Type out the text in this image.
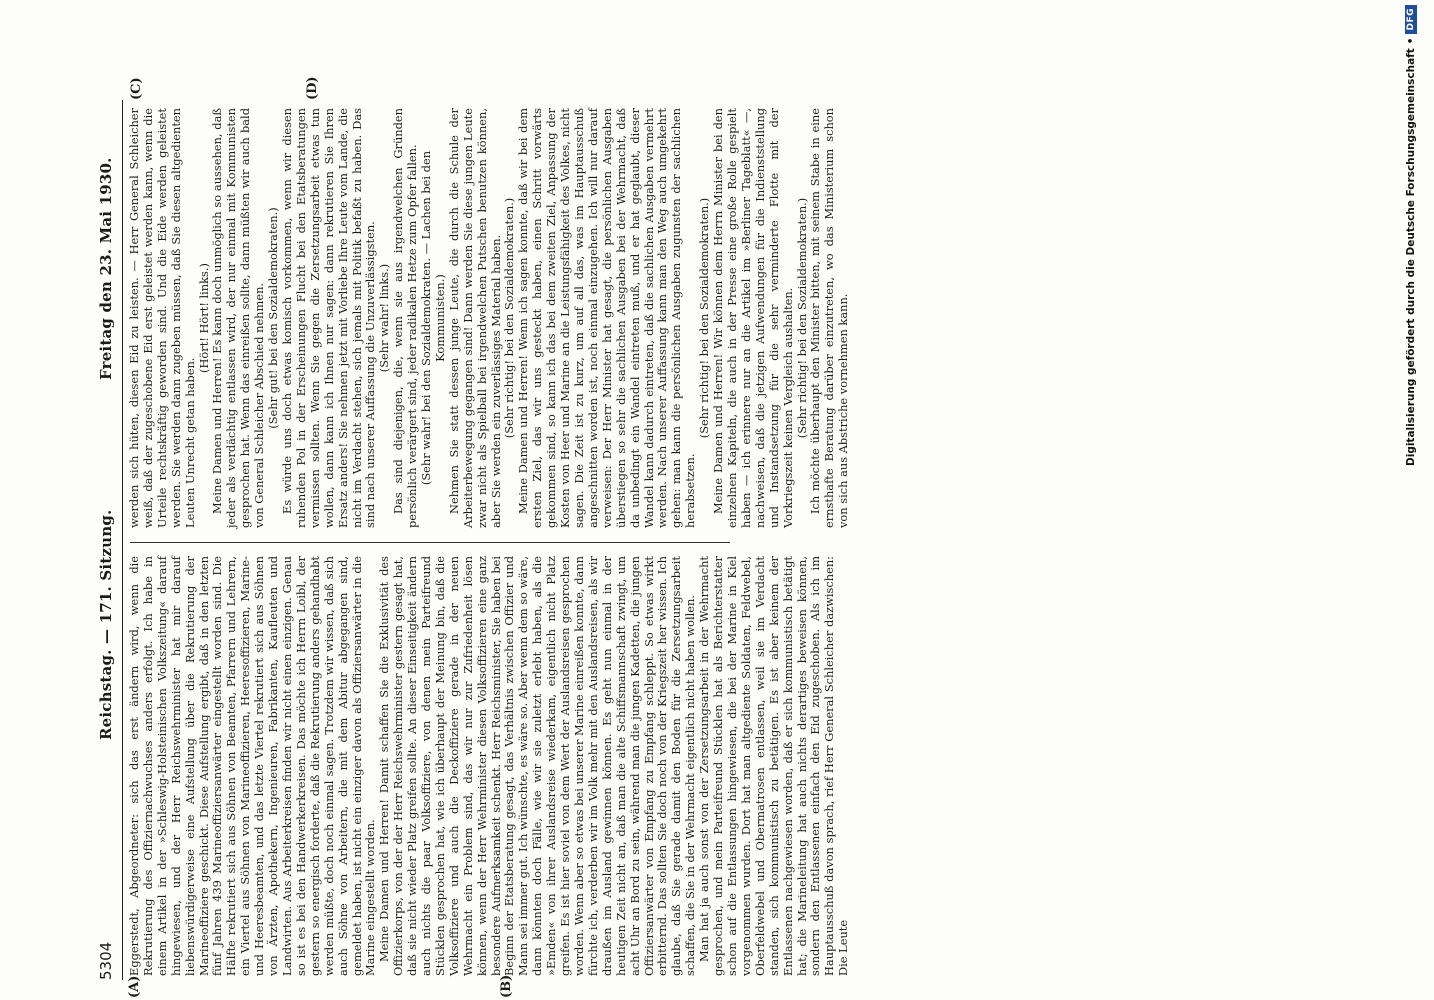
5304
Reichstag. — 171. Sitzung.
Freitag den 23. Mai 1930.
(A)	(B)
(C)	(D)

Eggerstedt, Abgeordneter: sich das erst ändern wird, wenn die Rekrutierung des Offiziernachwuchses anders erfolgt. Ich habe in einem Artikel in der »Schleswig-Holsteinischen Volkszeitung« darauf hingewiesen, und der Herr Reichswehrminister hat mir darauf liebenswürdigerweise eine Aufstellung über die Rekrutierung der Marineoffiziere geschickt. Diese Aufstellung ergibt, daß in den letzten fünf Jahren 439 Marineoffiziersanwärter eingestellt worden sind. Die Hälfte rekrutiert sich aus Söhnen von Beamten, Pfarrern und Lehrern, ein Viertel aus Söhnen von Marineoffizieren, Heeresoffizieren, Marine- und Heeresbeamten, und das letzte Viertel rekrutiert sich aus Söhnen von Ärzten, Apothekern, Ingenieuren, Fabrikanten, Kaufleuten und Landwirten. Aus Arbeiterkreisen finden wir nicht einen einzigen. Genau so ist es bei den Handwerkerkreisen. Das möchte ich Herrn Loibl, der gestern so energisch forderte, daß die Rekrutierung anders gehandhabt werden müßte, doch noch einmal sagen. Trotzdem wir wissen, daß sich auch Söhne von Arbeitern, die mit dem Abitur abgegangen sind, gemeldet haben, ist nicht ein einziger davon als Offiziersanwärter in die Marine eingestellt worden. Meine Damen und Herren! Damit schaffen Sie die Exklusivität des Offizierkorps, von der der Herr Reichswehrminister gestern gesagt hat, daß sie nicht wieder Platz greifen sollte. An dieser Einseitigkeit ändern auch nichts die paar Volksoffiziere, von denen mein Parteifreund Stücklen gesprochen hat, wie ich überhaupt der Meinung bin, daß die Volksoffiziere und auch die Deckoffiziere gerade in der neuen Wehrmacht ein Problem sind, das wir nur zur Zufriedenheit lösen können, wenn der Herr Wehrminister diesen Volksoffizieren eine ganz besondere Aufmerksamkeit schenkt. Herr Reichsminister, Sie haben bei Beginn der Etatsberatung gesagt, das Verhältnis zwischen Offizier und Mann sei immer gut. Ich wünschte, es wäre so. Aber wenn dem so wäre, dann könnten doch Fälle, wie wir sie zuletzt erlebt haben, als die »Emden« von ihrer Auslandsreise wiederkam, eigentlich nicht Platz greifen. Es ist hier soviel von dem Wert der Auslandsreisen gesprochen worden. Wenn aber so etwas bei unserer Marine einreißen konnte, dann fürchte ich, verderben wir im Volk mehr mit den Auslandsreisen, als wir draußen im Ausland gewinnen können. Es geht nun einmal in der heutigen Zeit nicht an, daß man die alte Schiffsmannschaft zwingt, um acht Uhr an Bord zu sein, während man die jungen Kadetten, die jungen Offiziersanwärter von Empfang zu Empfang schleppt. So etwas wirkt erbitternd. Das sollten Sie doch noch von der Kriegszeit her wissen. Ich glaube, daß Sie gerade damit den Boden für die Zersetzungsarbeit schaffen, die Sie in der Wehrmacht eigentlich nicht haben wollen. Man hat ja auch sonst von der Zersetzungsarbeit in der Wehrmacht gesprochen, und mein Parteifreund Stücklen hat als Berichterstatter schon auf die Entlassungen hingewiesen, die bei der Marine in Kiel vorgenommen wurden. Dort hat man altgediente Soldaten, Feldwebel, Oberfeldwebel und Obermatrosen entlassen, weil sie im Verdacht standen, sich kommunistisch zu betätigen. Es ist aber keinem der Entlassenen nachgewiesen worden, daß er sich kommunistisch betätigt hat; die Marineleitung hat auch nichts derartiges beweisen können, sondern den Entlassenen einfach den Eid zugeschoben. Als ich im Hauptausschuß davon sprach, rief Herr General Schleicher dazwischen: Die Leute

werden sich hüten, diesen Eid zu leisten. — Herr General Schleicher weiß, daß der zugeschobene Eid erst geleistet werden kann, wenn die Urteile rechtskräftig geworden sind. Und die Eide werden geleistet werden. Sie werden dann zugeben müssen, daß Sie diesen altgedienten Leuten Unrecht getan haben.

(Hört! Hört! links.) Meine Damen und Herren! Es kann doch unmöglich so aussehen, daß jeder als verdächtig entlassen wird, der nur einmal mit Kommunisten gesprochen hat. Wenn das einreißen sollte, dann müßten wir auch bald von General Schleicher Abschied nehmen. (Sehr gut! bei den Sozialdemokraten.) Es würde uns doch etwas komisch vorkommen, wenn wir diesen ruhenden Pol in der Erscheinungen Flucht bei den Etatsberatungen vermissen sollten. Wenn Sie gegen die Zersetzungsarbeit etwas tun wollen, dann kann ich Ihnen nur sagen: dann rekrutieren Sie Ihren Ersatz anders! Sie nehmen jetzt mit Vorliebe Ihre Leute vom Lande, die nicht im Verdacht stehen, sich jemals mit Politik befaßt zu haben. Das sind nach unserer Auffassung die Unzuverlässigsten. (Sehr wahr! links.) Das sind diejenigen, die, wenn sie aus irgendwelchen Gründen persönlich verärgert sind, jeder radikalen Hetze zum Opfer fallen. (Sehr wahr! bei den Sozialdemokraten. — Lachen bei den Kommunisten.) Nehmen Sie statt dessen junge Leute, die durch die Schule der Arbeiterbewegung gegangen sind! Dann werden Sie diese jungen Leute zwar nicht als Spielball bei irgendwelchen Putschen benutzen können, aber Sie werden ein zuverlässiges Material haben. (Sehr richtig! bei den Sozialdemokraten.) Meine Damen und Herren! Wenn ich sagen konnte, daß wir bei dem ersten Ziel, das wir uns gesteckt haben, einen Schritt vorwärts gekommen sind, so kann ich das bei dem zweiten Ziel, Anpassung der Kosten von Heer und Marine an die Leistungsfähigkeit des Volkes, nicht sagen. Die Zeit ist zu kurz, um auf all das, was im Hauptausschuß angeschnitten worden ist, noch einmal einzugehen. Ich will nur darauf verweisen: Der Herr Minister hat gesagt, die persönlichen Ausgaben überstiegen so sehr die sachlichen Ausgaben bei der Wehrmacht, daß da unbedingt ein Wandel eintreten muß, und er hat geglaubt, dieser Wandel kann dadurch eintreten, daß die sachlichen Ausgaben vermehrt werden. Nach unserer Auffassung kann man den Weg auch umgekehrt gehen: man kann die persönlichen Ausgaben zugunsten der sachlichen herabsetzen.

(Sehr richtig! bei den Sozialdemokraten.) Meine Damen und Herren! Wir können dem Herrn Minister bei den einzelnen Kapiteln, die auch in der Presse eine große Rolle gespielt haben — ich erinnere nur an die Artikel im »Berliner Tageblatt« —, nachweisen, daß die jetzigen Aufwendungen für die Indienststellung und Instandsetzung für die sehr verminderte Flotte mit der Vorkriegszeit keinen Vergleich aushalten. (Sehr richtig! bei den Sozialdemokraten.) Ich möchte überhaupt den Minister bitten, mit seinem Stabe in eine ernsthafte Beratung darüber einzutreten, wo das Ministerium schon von sich aus Abstriche vornehmen kann.	Digitalisierung gefördert durch die Deutsche Forschungsgemeinschaft
•
DFG
